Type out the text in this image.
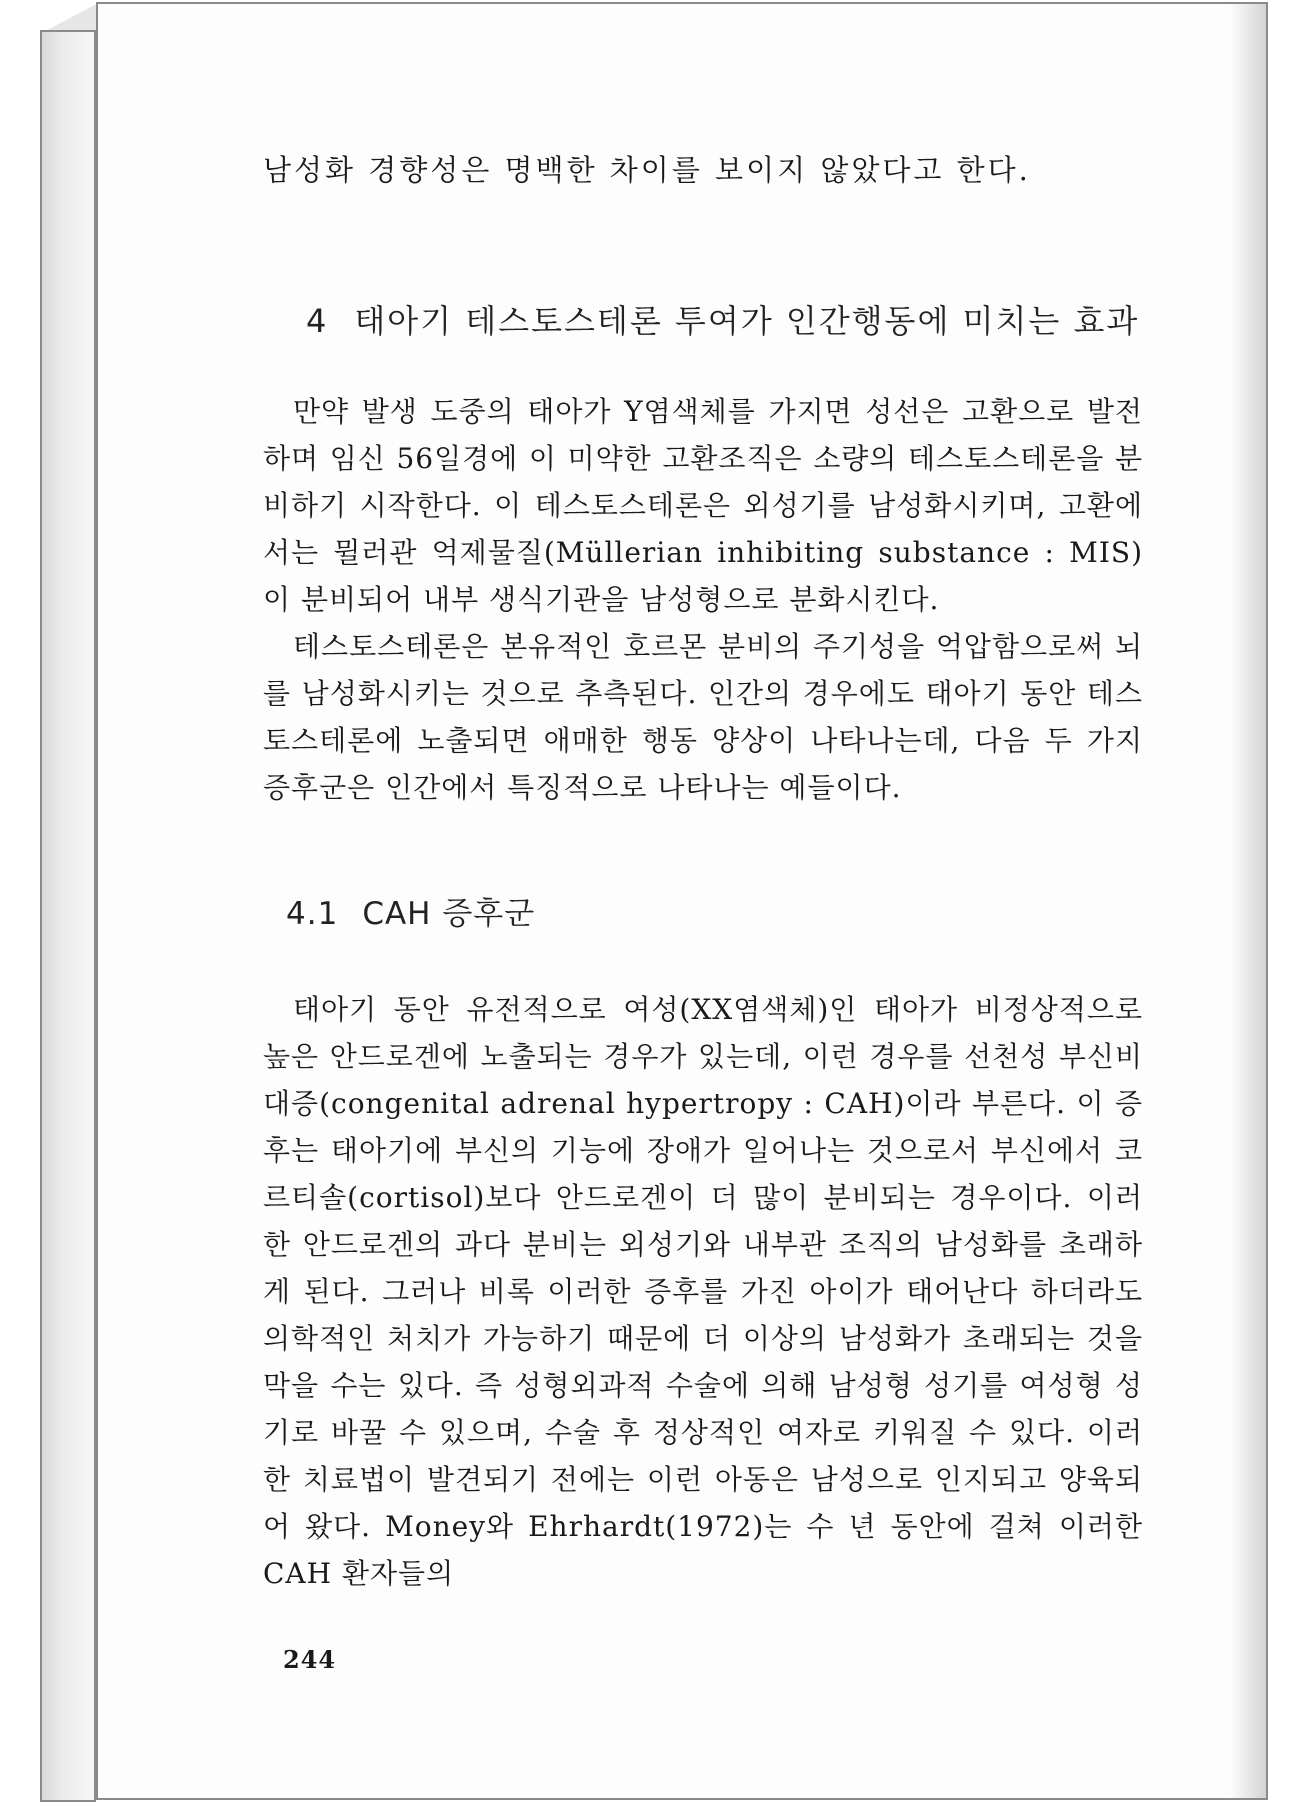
남성화 경향성은 명백한 차이를 보이지 않았다고 한다.
4 태아기 테스토스테론 투여가 인간행동에 미치는 효과

만약 발생 도중의 태아가 Y염색체를 가지면 성선은 고환으로 발전하며 임신 56일경에 이 미약한 고환조직은 소량의 테스토스테론을 분비하기 시작한다. 이 테스토스테론은 외성기를 남성화시키며, 고환에서는 뮐러관 억제물질(Müllerian inhibiting substance : MIS)이 분비되어 내부 생식기관을 남성형으로 분화시킨다.

테스토스테론은 본유적인 호르몬 분비의 주기성을 억압함으로써 뇌를 남성화시키는 것으로 추측된다. 인간의 경우에도 태아기 동안 테스토스테론에 노출되면 애매한 행동 양상이 나타나는데, 다음 두 가지 증후군은 인간에서 특징적으로 나타나는 예들이다.

4.1 CAH 증후군

태아기 동안 유전적으로 여성(XX염색체)인 태아가 비정상적으로 높은 안드로겐에 노출되는 경우가 있는데, 이런 경우를 선천성 부신비대증(congenital adrenal hypertropy : CAH)이라 부른다. 이 증후는 태아기에 부신의 기능에 장애가 일어나는 것으로서 부신에서 코르티솔(cortisol)보다 안드로겐이 더 많이 분비되는 경우이다. 이러한 안드로겐의 과다 분비는 외성기와 내부관 조직의 남성화를 초래하게 된다. 그러나 비록 이러한 증후를 가진 아이가 태어난다 하더라도 의학적인 처치가 가능하기 때문에 더 이상의 남성화가 초래되는 것을 막을 수는 있다. 즉 성형외과적 수술에 의해 남성형 성기를 여성형 성기로 바꿀 수 있으며, 수술 후 정상적인 여자로 키워질 수 있다. 이러한 치료법이 발견되기 전에는 이런 아동은 남성으로 인지되고 양육되어 왔다. Money와 Ehrhardt(1972)는 수 년 동안에 걸쳐 이러한 CAH 환자들의

244
